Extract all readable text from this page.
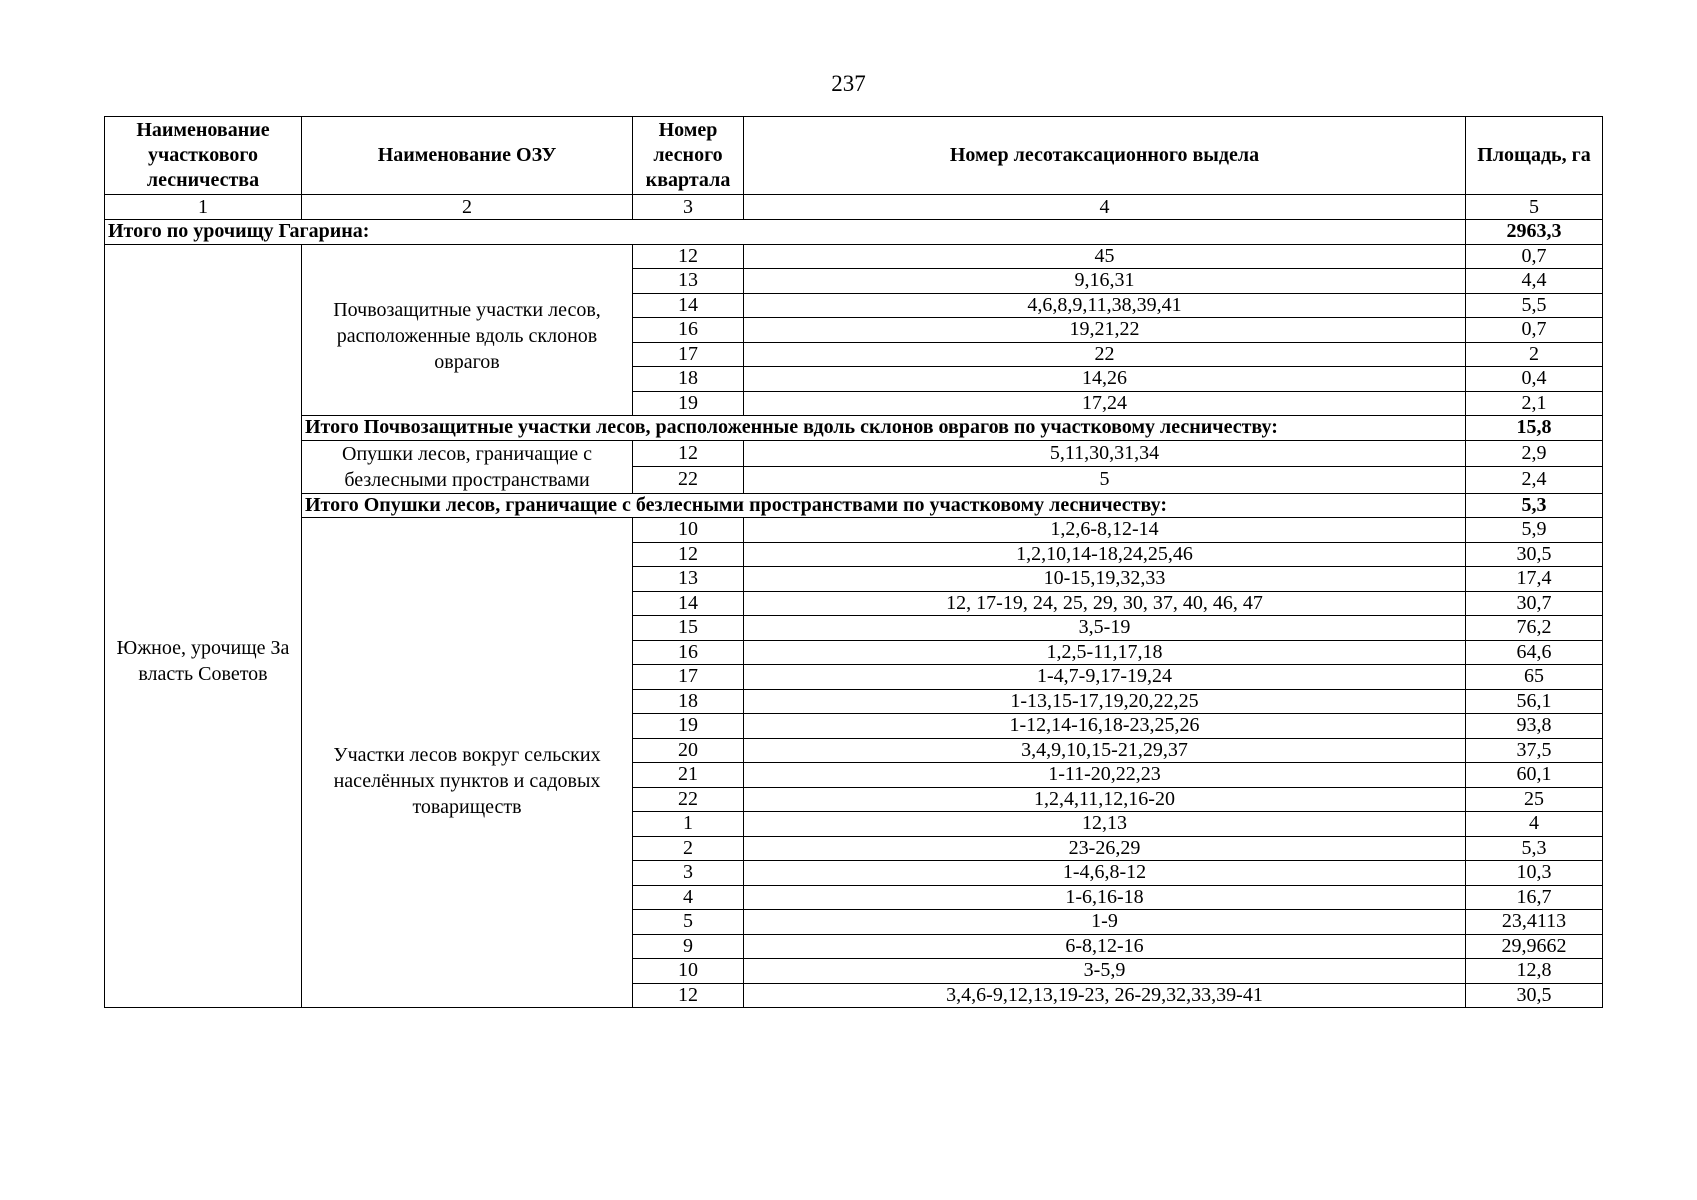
237
Наименование участкового лесничества	Наименование ОЗУ	Номер лесного квартала	Номер лесотаксационного выдела	Площадь, га
1	2	3	4	5
Итого по урочищу Гагарина:				2963,3
Южное, урочище За власть Советов	Почвозащитные участки лесов, расположенные вдоль склонов оврагов	12	45	0,7
		13	9,16,31	4,4
		14	4,6,8,9,11,38,39,41	5,5
		16	19,21,22	0,7
		17	22	2
		18	14,26	0,4
		19	17,24	2,1
	Итого Почвозащитные участки лесов, расположенные вдоль склонов оврагов по участковому лесничеству:			15,8
	Опушки лесов, граничащие с безлесными пространствами	12	5,11,30,31,34	2,9
		22	5	2,4
	Итого Опушки лесов, граничащие с безлесными пространствами по участковому лесничеству:			5,3
	Участки лесов вокруг сельских населённых пунктов и садовых товариществ	10	1,2,6-8,12-14	5,9
		12	1,2,10,14-18,24,25,46	30,5
		13	10-15,19,32,33	17,4
		14	12, 17-19, 24, 25, 29, 30, 37, 40, 46, 47	30,7
		15	3,5-19	76,2
		16	1,2,5-11,17,18	64,6
		17	1-4,7-9,17-19,24	65
		18	1-13,15-17,19,20,22,25	56,1
		19	1-12,14-16,18-23,25,26	93,8
		20	3,4,9,10,15-21,29,37	37,5
		21	1-11-20,22,23	60,1
		22	1,2,4,11,12,16-20	25
		1	12,13	4
		2	23-26,29	5,3
		3	1-4,6,8-12	10,3
		4	1-6,16-18	16,7
		5	1-9	23,4113
		9	6-8,12-16	29,9662
		10	3-5,9	12,8
		12	3,4,6-9,12,13,19-23, 26-29,32,33,39-41	30,5
